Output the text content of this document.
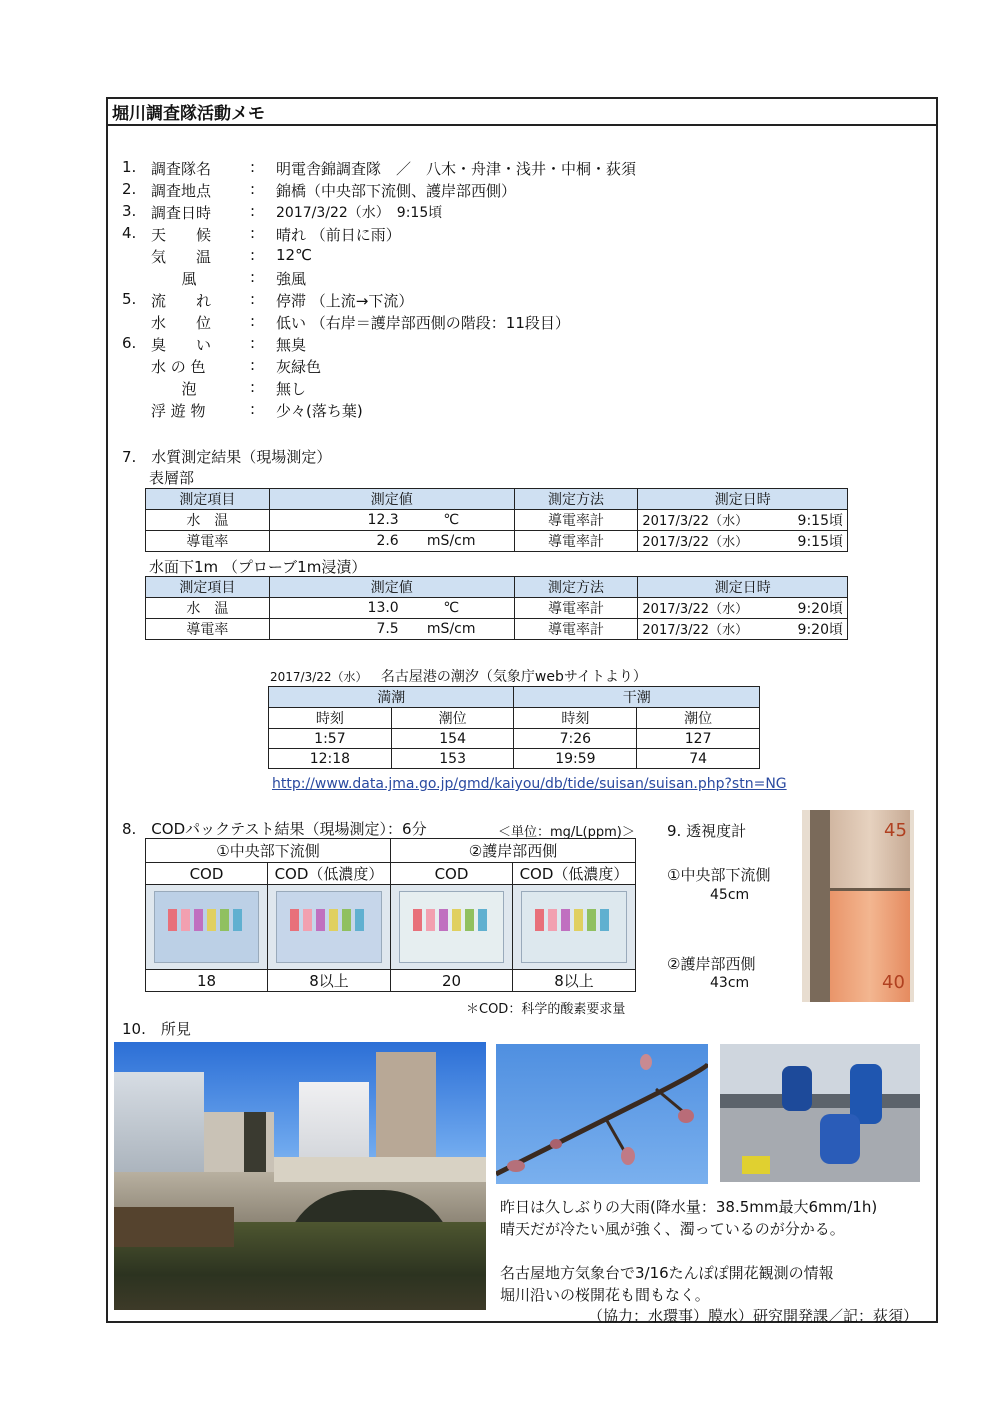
堀川調査隊活動メモ
1. 調査隊名	: 明電舎錦調査隊　／　八木・舟津・浅井・中桐・荻須
2. 調査地点	: 錦橋（中央部下流側、護岸部西側）
3. 調査日時	: 2017/3/22（水）　9:15頃
4. 天　　候	: 晴れ （前日に雨）
気　　温	: 12℃
風	: 強風
5. 流　　れ	: 停滞 （上流→下流）
水　　位	: 低い （右岸＝護岸部西側の階段：11段目）
6. 臭　　い	: 無臭
水 の 色	: 灰緑色
泡	: 無し
浮 遊 物	: 少々(落ち葉)
7.　水質測定結果（現場測定）
表層部
測定項目	測定値	測定方法	測定日時
水　温	12.3 ℃	導電率計	2017/3/22（水） 9:15頃

導電率	2.6 mS/cm	導電率計	2017/3/22（水） 9:15頃
水面下1m （プローブ1m浸漬）
測定項目	測定値	測定方法	測定日時
水　温	13.0 ℃	導電率計	2017/3/22（水） 9:20頃

導電率	7.5 mS/cm	導電率計	2017/3/22（水） 9:20頃
2017/3/22（水） 名古屋港の潮汐（気象庁webサイトより）
満潮		干潮	
時刻	潮位	時刻	潮位
1:57	154	7:26	127
12:18	153	19:59	74
http://www.data.jma.go.jp/gmd/kaiyou/db/tide/suisan/suisan.php?stn=NG
8.　CODパックテスト結果（現場測定）：6分	＜単位：mg/L(ppm)＞
①中央部下流側		②護岸部西側	
COD	COD（低濃度）	COD	COD（低濃度）

18	8以上	20	8以上
＊COD：科学的酸素要求量
9. 透視度計
①中央部下流側
45cm
②護岸部西側
43cm
45
40
10.　所見
昨日は久しぶりの大雨(降水量：38.5mm最大6mm/1h)
晴天だが冷たい風が強く、濁っているのが分かる。
名古屋地方気象台で3/16たんぽぽ開花観測の情報
堀川沿いの桜開花も間もなく。
（協力：水環事）膜水）研究開発課／記：荻須）
